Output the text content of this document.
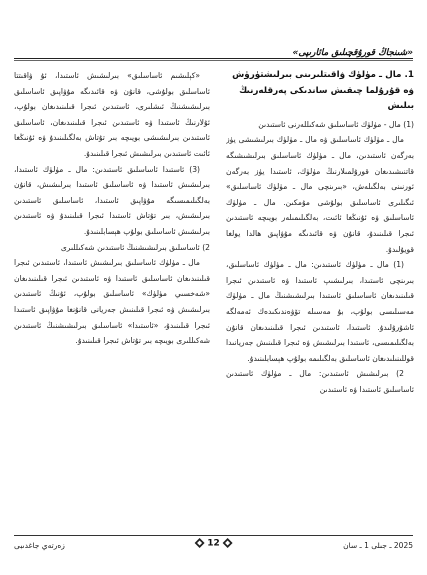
«شىنجاڭ قورۇقچىلىق مائارىپى»
1. مال ـ مۈلۈك ۋاقىتلىرىنى بىرلىشتۈرۈش ۋە قۇرۇلما چىقىش ساندىكى پەرقلەرنىڭ بىلىش

(1) مال - مۈلۈك ئاساسلىق شەكىللەرنى ئاستىدىن

مال ـ مۈلۈك ئاساسلىق ۋە مال ـ مۈلۈك بىرلىشىشى يۈز بەرگەن ئاستىدىن، مال ـ مۈلۈك ئاساسلىق بىرلىشىشىگە قاتنىشىدىغان قورۇلمىلارنىڭ مۈلۈك، ئاستىدا يۈز بەرگەن ئورنىنى بەلگىلەش، «بىرىنچى مال ـ مۈلۈك ئاساسلىق» ئىگىلىرى ئاساسلىق بولۇشى مۇمكىن. مال ـ مۈلۈك ئاساسلىق ۋە ئۇنىڭغا ئائىت، بەلگىلىمىلەر بويىچە ئاستىدىن ئىجرا قىلىنىدۇ، قانۇن ۋە قائىدىگە مۇۋاپىق ھالدا يولغا قويۇلىدۇ.

(1) مال ـ مۈلۈك ئاستىدىن: مال ـ مۈلۈك ئاساسلىق، بىرىنچى ئاستىدا، بىرلىشىپ ئاستىدا ۋە ئاستىدىن ئىجرا قىلىنىدىغان ئاساسلىق ئاستىدا بىرلىشىشنىڭ مال ـ مۈلۈك مەسىلىسى بولۇپ، بۇ مەسىلە تۆۋەندىكىدەك ئەمەلگە ئاشۇرۇلىدۇ. ئاستىدا، ئاستىدىن ئىجرا قىلىنىدىغان قانۇن بەلگىلىمىسى، ئاستىدا بىرلىشىش ۋە ئىجرا قىلىنىش جەريانىدا قوللىنىلىدىغان ئاساسلىق بەلگىلىمە بولۇپ ھېسابلىنىدۇ.

2) بىرلىشىش ئاستىدىن: مال ـ مۈلۈك ئاستىدىن ئاساسلىق ئاستىدا ۋە ئاستىدىن

«كېلىشىم ئاساسلىق» بىرلىشىش ئاستىدا، ئۇ ۋاقىتتا ئاساسلىق بولۇشى، قانۇن ۋە قائىدىگە مۇۋاپىق ئاساسلىق بىرلىشىشنىڭ ئىشلىرى، ئاستىدىن ئىجرا قىلىنىدىغان بولۇپ، ئۇلارنىڭ ئاستىدا ۋە ئاستىدىن ئىجرا قىلىنىدىغان، ئاساسلىق ئاستىدىن بىرلىشىشى بويىچە بىر تۇتاش بەلگىلىنىدۇ ۋە ئۇنىڭغا ئائىت ئاستىدىن بىرلىشىش ئىجرا قىلىنىدۇ.

(3) ئاستىدا ئاساسلىق ئاستىدىن: مال ـ مۈلۈك ئاستىدا، بىرلىشىش ئاستىدا ۋە ئاساسلىق ئاستىدا بىرلىشىش، قانۇن بەلگىلىمىسىگە مۇۋاپىق ئاستىدا، ئاساسلىق ئاستىدىن بىرلىشىش، بىر تۇتاش ئاستىدا ئىجرا قىلىنىدۇ ۋە ئاستىدىن بىرلىشىش ئاساسلىق بولۇپ ھېسابلىنىدۇ.

2) ئاساسلىق بىرلىشىشنىڭ ئاستىدىن شەكىللىرى

مال ـ مۈلۈك ئاساسلىق بىرلىشىش ئاستىدا، ئاستىدىن ئىجرا قىلىنىدىغان ئاساسلىق ئاستىدا ۋە ئاستىدىن ئىجرا قىلىنىدىغان «شەخسىي مۈلۈك» ئاساسلىق بولۇپ، ئۇنىڭ ئاستىدىن بىرلىشىش ۋە ئىجرا قىلىنىش جەريانى قانۇنغا مۇۋاپىق ئاستىدا ئىجرا قىلىنىدۇ، «ئاستىدا» ئاساسلىق بىرلىشىشنىڭ ئاستىدىن شەكىللىرى بويىچە بىر تۇتاش ئىجرا قىلىنىدۇ.

2025 ـ جىلى 1 ـ سان
12
زەرتەي جاغدىبى
